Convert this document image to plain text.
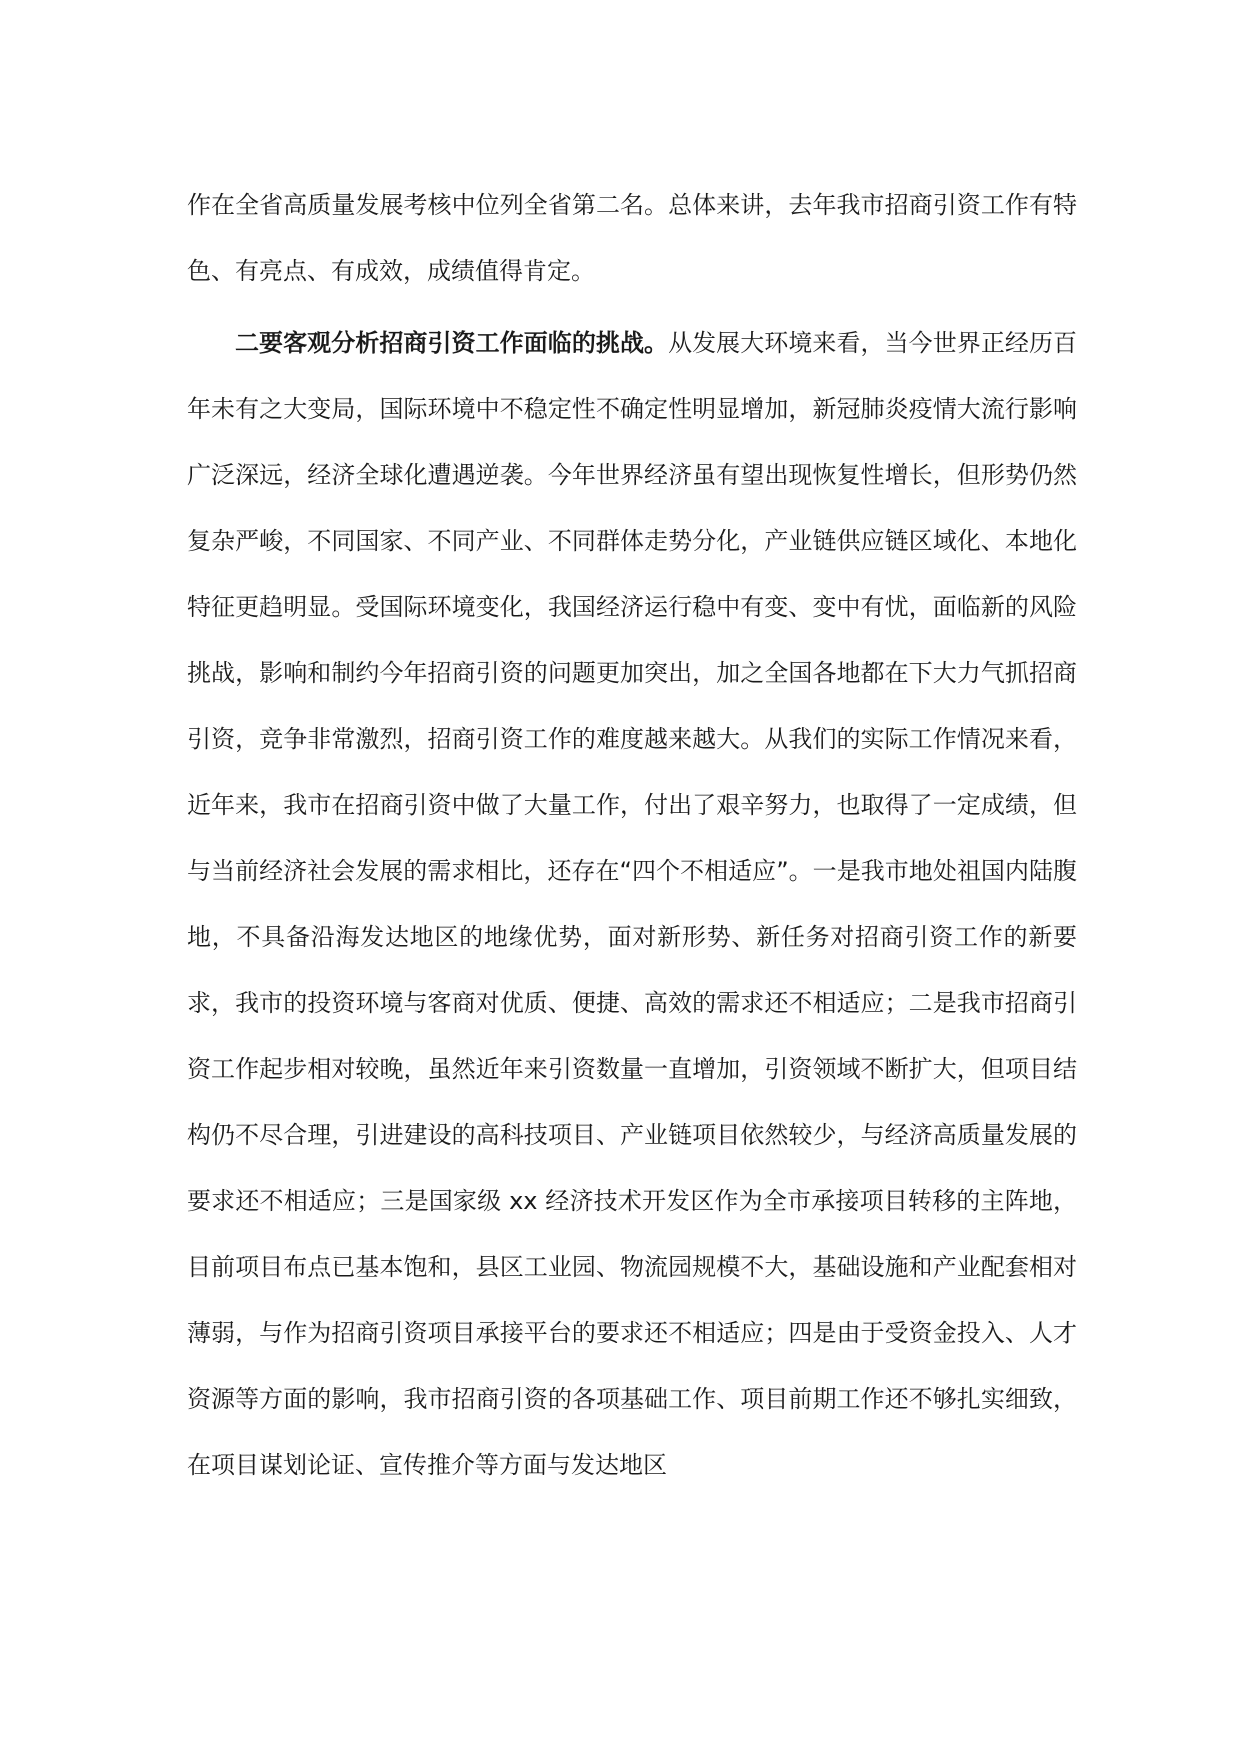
作在全省高质量发展考核中位列全省第二名。总体来讲，去年我市招商引资工作有特色、有亮点、有成效，成绩值得肯定。

二要客观分析招商引资工作面临的挑战。从发展大环境来看，当今世界正经历百年未有之大变局，国际环境中不稳定性不确定性明显增加，新冠肺炎疫情大流行影响广泛深远，经济全球化遭遇逆袭。今年世界经济虽有望出现恢复性增长，但形势仍然复杂严峻，不同国家、不同产业、不同群体走势分化，产业链供应链区域化、本地化特征更趋明显。受国际环境变化，我国经济运行稳中有变、变中有忧，面临新的风险挑战，影响和制约今年招商引资的问题更加突出，加之全国各地都在下大力气抓招商引资，竞争非常激烈，招商引资工作的难度越来越大。从我们的实际工作情况来看，近年来，我市在招商引资中做了大量工作，付出了艰辛努力，也取得了一定成绩，但与当前经济社会发展的需求相比，还存在“四个不相适应”。一是我市地处祖国内陆腹地，不具备沿海发达地区的地缘优势，面对新形势、新任务对招商引资工作的新要求，我市的投资环境与客商对优质、便捷、高效的需求还不相适应；二是我市招商引资工作起步相对较晚，虽然近年来引资数量一直增加，引资领域不断扩大，但项目结构仍不尽合理，引进建设的高科技项目、产业链项目依然较少，与经济高质量发展的要求还不相适应；三是国家级 xx 经济技术开发区作为全市承接项目转移的主阵地，目前项目布点已基本饱和，县区工业园、物流园规模不大，基础设施和产业配套相对薄弱，与作为招商引资项目承接平台的要求还不相适应；四是由于受资金投入、人才资源等方面的影响，我市招商引资的各项基础工作、项目前期工作还不够扎实细致，在项目谋划论证、宣传推介等方面与发达地区
